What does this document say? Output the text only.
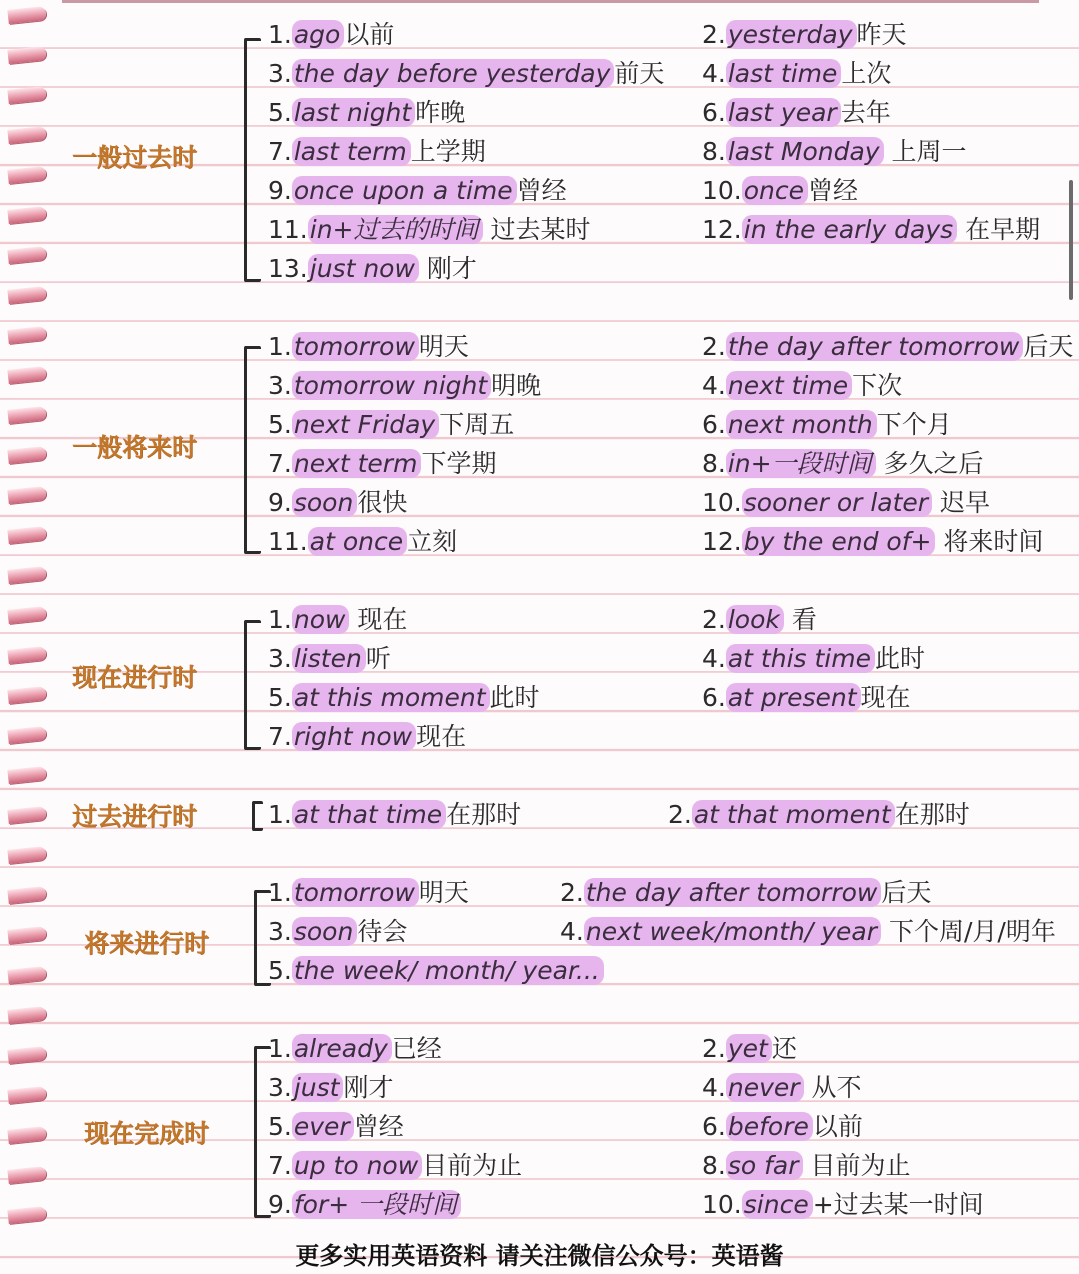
一般过去时
1.ago 以前	2.yesterday 昨天
3.the day before yesterday 前天 4.last time 上次
5.last night 昨晚	6.last year 去年
7.last term 上学期	8.last Monday 上周一
9.once upon a time 曾经	10.once 曾经
11.in+过去的时间 过去某时	12.in the early days 在早期
13.just now 刚才
一般将来时
1.tomorrow 明天	2.the day after tomorrow 后天
3.tomorrow night 明晚	4.next time 下次
5.next Friday 下周五	6.next month 下个月
7.next term 下学期	8.in+一段时间 多久之后
9.soon 很快	10.sooner or later 迟早
11.at once 立刻	12.by the end of+ 将来时间
现在进行时
1.now 现在	2.look 看
3.listen 听	4.at this time 此时
5.at this moment 此时	6.at present 现在
7.right now 现在
过去进行时	1.at that time 在那时	2.at that moment 在那时
将来进行时
1.tomorrow 明天	2.the day after tomorrow 后天
3.soon 待会	4.next week/month/ year 下个周/月/明年
5.the week/ month/ year...
现在完成时
1.already 已经	2.yet 还
3.just 刚才	4.never 从不
5.ever 曾经	6.before 以前
7.up to now 目前为止	8.so far 目前为止
9.for+ 一段时间	10.since +过去某一时间
更多实用英语资料 请关注微信公众号：英语酱
